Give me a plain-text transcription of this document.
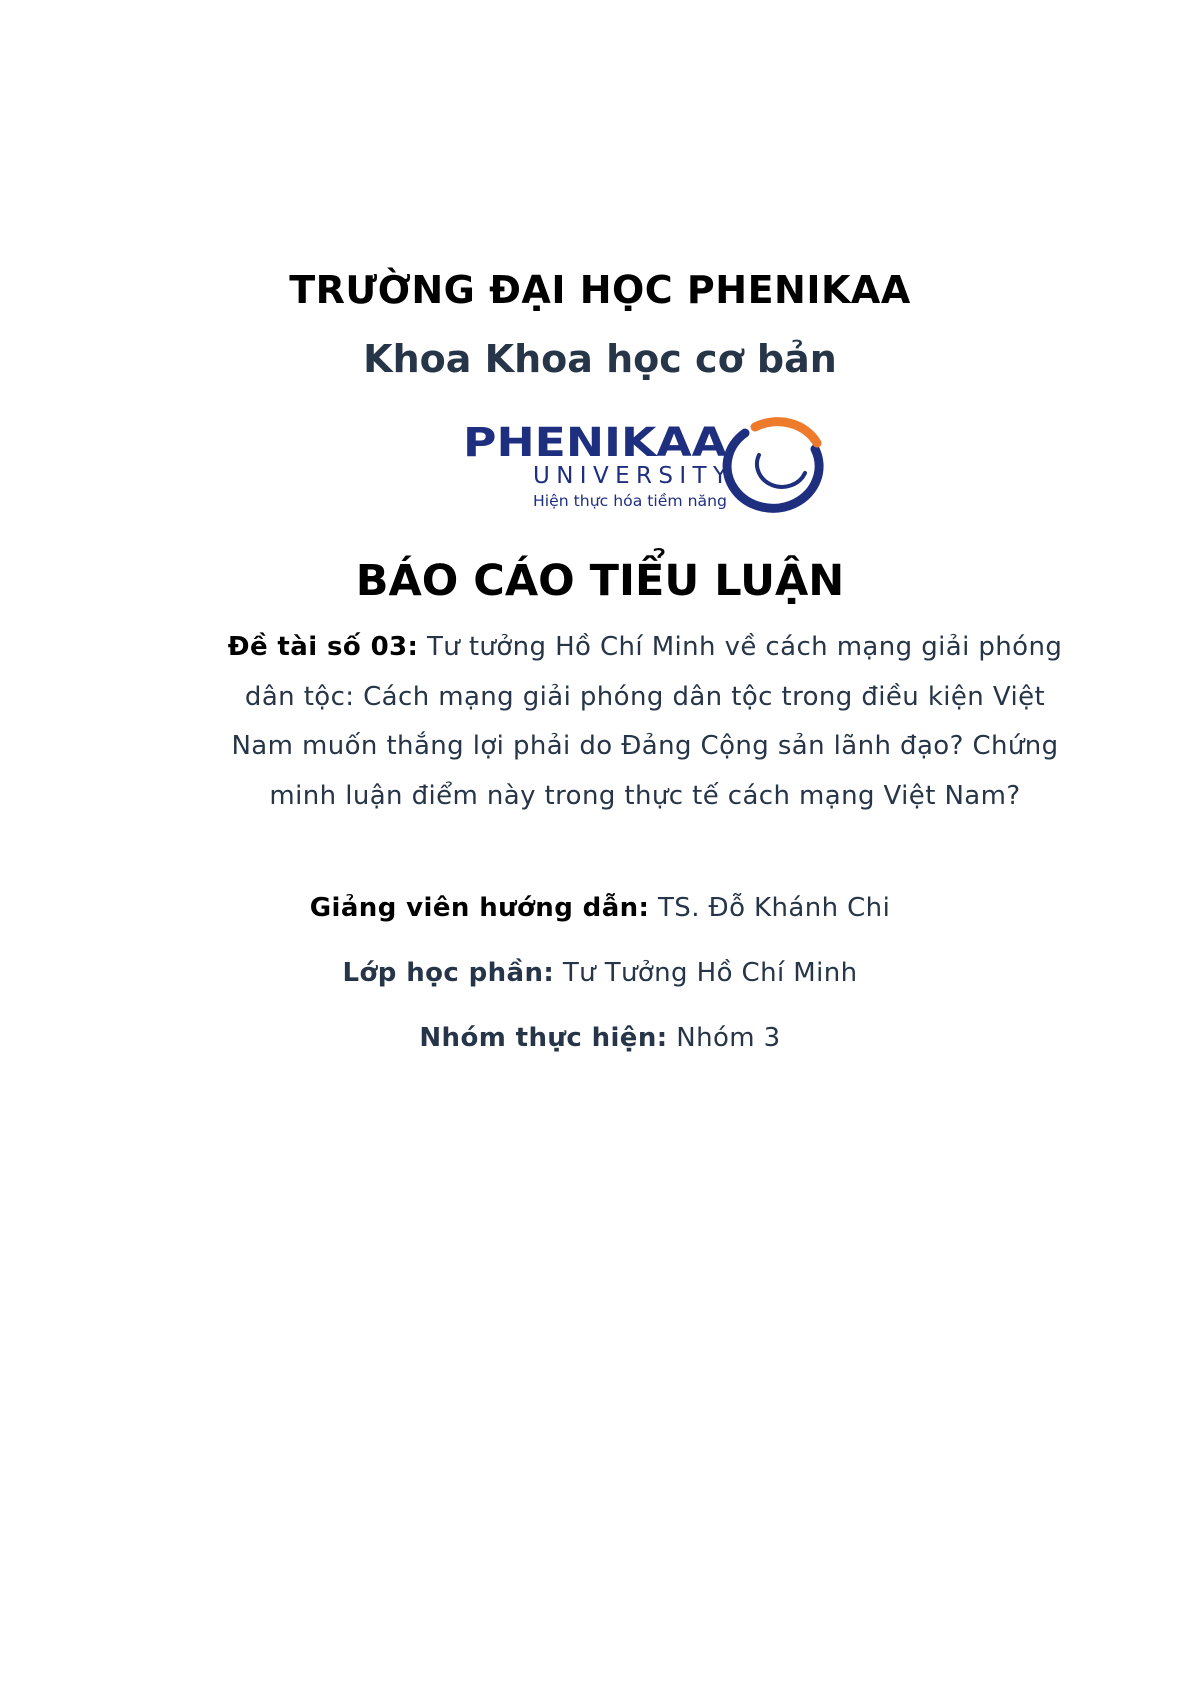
TRƯỜNG ĐẠI HỌC PHENIKAA
Khoa Khoa học cơ bản
PHENIKAA
UNIVERSITY
Hiện thực hóa tiềm năng
BÁO CÁO TIỂU LUẬN
Đề tài số 03: Tư tưởng Hồ Chí Minh về cách mạng giải phóng dân tộc: Cách mạng giải phóng dân tộc trong điều kiện Việt Nam muốn thắng lợi phải do Đảng Cộng sản lãnh đạo? Chứng minh luận điểm này trong thực tế cách mạng Việt Nam?
Giảng viên hướng dẫn: TS. Đỗ Khánh Chi
Lớp học phần: Tư Tưởng Hồ Chí Minh
Nhóm thực hiện: Nhóm 3
